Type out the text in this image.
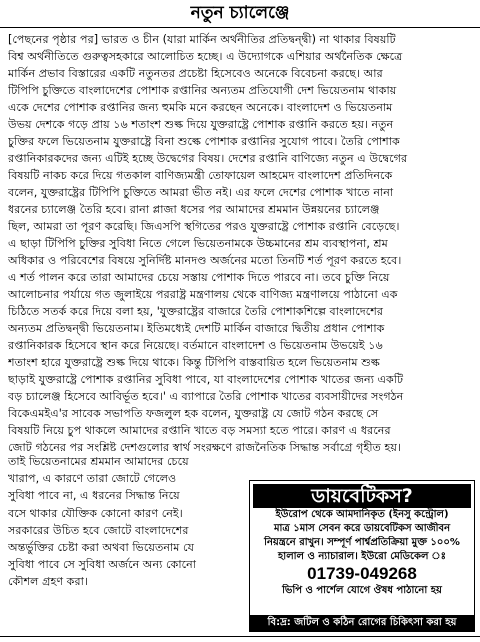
নতুন চ্যালেঞ্জে
[পেছনের পৃষ্ঠার পর] ভারত ও চীন (যারা মার্কিন অর্থনীতির প্রতিদ্বন্দ্বী) না থাকার বিষয়টি
বিশ্ব অর্থনীতিতে গুরুত্বসহকারে আলোচিত হচ্ছে। এ উদ্যোগকে এশিয়ার অর্থনৈতিক ক্ষেত্রে
মার্কিন প্রভাব বিস্তারের একটি নতুনতর প্রচেষ্টা হিসেবেও অনেকে বিবেচনা করছে। আর
টিপিপি চুক্তিতে বাংলাদেশের পোশাক রপ্তানির অন্যতম প্রতিযোগী দেশ ভিয়েতনাম থাকায়
একে দেশের পোশাক রপ্তানির জন্য হুমকি মনে করছেন অনেকে। বাংলাদেশ ও ভিয়েতনাম
উভয় দেশকে গড়ে প্রায় ১৬ শতাংশ শুল্ক দিয়ে যুক্তরাষ্ট্রে পোশাক রপ্তানি করতে হয়। নতুন
চুক্তির ফলে ভিয়েতনাম যুক্তরাষ্ট্রে বিনা শুল্কে পোশাক রপ্তানির সুযোগ পাবে। তৈরি পোশাক
রপ্তানিকারকদের জন্য এটিই হচ্ছে উদ্বেগের বিষয়। দেশের রপ্তানি বাণিজ্যে নতুন এ উদ্বেগের
বিষয়টি নাকচ করে দিয়ে গতকাল বাণিজ্যমন্ত্রী তোফায়েল আহমেদ বাংলাদেশ প্রতিদিনকে
বলেন, যুক্তরাষ্ট্রের টিপিপি চুক্তিতে আমরা ভীত নই। এর ফলে দেশের পোশাক খাতে নানা
ধরনের চ্যালেঞ্জ তৈরি হবে। রানা প্লাজা ধসের পর আমাদের শ্রমমান উন্নয়নের চ্যালেঞ্জ
ছিল, আমরা তা পূরণ করেছি। জিএসপি স্থগিতের পরও যুক্তরাষ্ট্রে পোশাক রপ্তানি বেড়েছে।
এ ছাড়া টিপিপি চুক্তির সুবিধা নিতে গেলে ভিয়েতনামকে উচ্চমানের শ্রম ব্যবস্থাপনা, শ্রম
অধিকার ও পরিবেশের বিষয়ে সুনির্দিষ্ট মানদণ্ড অর্জনের মতো তিনটি শর্ত পূরণ করতে হবে।
এ শর্ত পালন করে তারা আমাদের চেয়ে সস্তায় পোশাক দিতে পারবে না। তবে চুক্তি নিয়ে
আলোচনার পর্যায়ে গত জুলাইয়ে পররাষ্ট্র মন্ত্রণালয় থেকে বাণিজ্য মন্ত্রণালয়ে পাঠানো এক
চিঠিতে সতর্ক করে দিয়ে বলা হয়, 'যুক্তরাষ্ট্রের বাজারে তৈরি পোশাকশিল্পে বাংলাদেশের
অন্যতম প্রতিদ্বন্দ্বী ভিয়েতনাম। ইতিমধ্যেই দেশটি মার্কিন বাজারে দ্বিতীয় প্রধান পোশাক
রপ্তানিকারক হিসেবে স্থান করে নিয়েছে। বর্তমানে বাংলাদেশ ও ভিয়েতনাম উভয়েই ১৬
শতাংশ হারে যুক্তরাষ্ট্রে শুল্ক দিয়ে থাকে। কিন্তু টিপিপি বাস্তবায়িত হলে ভিয়েতনাম শুল্ক
ছাড়াই যুক্তরাষ্ট্রে পোশাক রপ্তানির সুবিধা পাবে, যা বাংলাদেশের পোশাক খাতের জন্য একটি
বড় চ্যালেঞ্জ হিসেবে আবির্ভূত হবে।' এ ব্যাপারে তৈরি পোশাক খাতের ব্যবসায়ীদের সংগঠন
বিকেএমইএ'র সাবেক সভাপতি ফজলুল হক বলেন, যুক্তরাষ্ট্র যে জোট গঠন করছে সে
বিষয়টি নিয়ে চুপ থাকলে আমাদের রপ্তানি খাতে বড় সমস্যা হতে পারে। কারণ এ ধরনের
জোট গঠনের পর সংশ্লিষ্ট দেশগুলোর স্বার্থ সংরক্ষণে রাজনৈতিক সিদ্ধান্ত সর্বাগ্রে গৃহীত হয়।
তাই ভিয়েতনামের শ্রমমান আমাদের চেয়ে
খারাপ, এ কারণে তারা জোটে গেলেও
সুবিধা পাবে না, এ ধরনের সিদ্ধান্ত নিয়ে
বসে থাকার যৌক্তিক কোনো কারণ নেই।
সরকারের উচিত হবে জোটে বাংলাদেশের
অন্তর্ভুক্তির চেষ্টা করা অথবা ভিয়েতনাম যে
সুবিধা পাবে সে সুবিধা অর্জনে অন্য কোনো
কৌশল গ্রহণ করা।
ডায়বেটিকস?
ইউরোপ থেকে আমদানিকৃত (ইনসু কন্ট্রোল)
মাত্র ১মাস সেবন করে ডায়বেটিকস আজীবন
নিয়ন্ত্রনে রাখুন। সম্পূর্ণ পার্শ্বপ্রতিক্রিয়া মুক্ত ১০০%
হালাল ও ন্যাচারাল। ইউরো মেডিকেল ঃ
01739-049268
ভিপি ও পার্শেল যোগে ঔষধ পাঠানো হয়
বি:দ্র: জটিল ও কঠিন রোগের চিকিৎসা করা হয়
